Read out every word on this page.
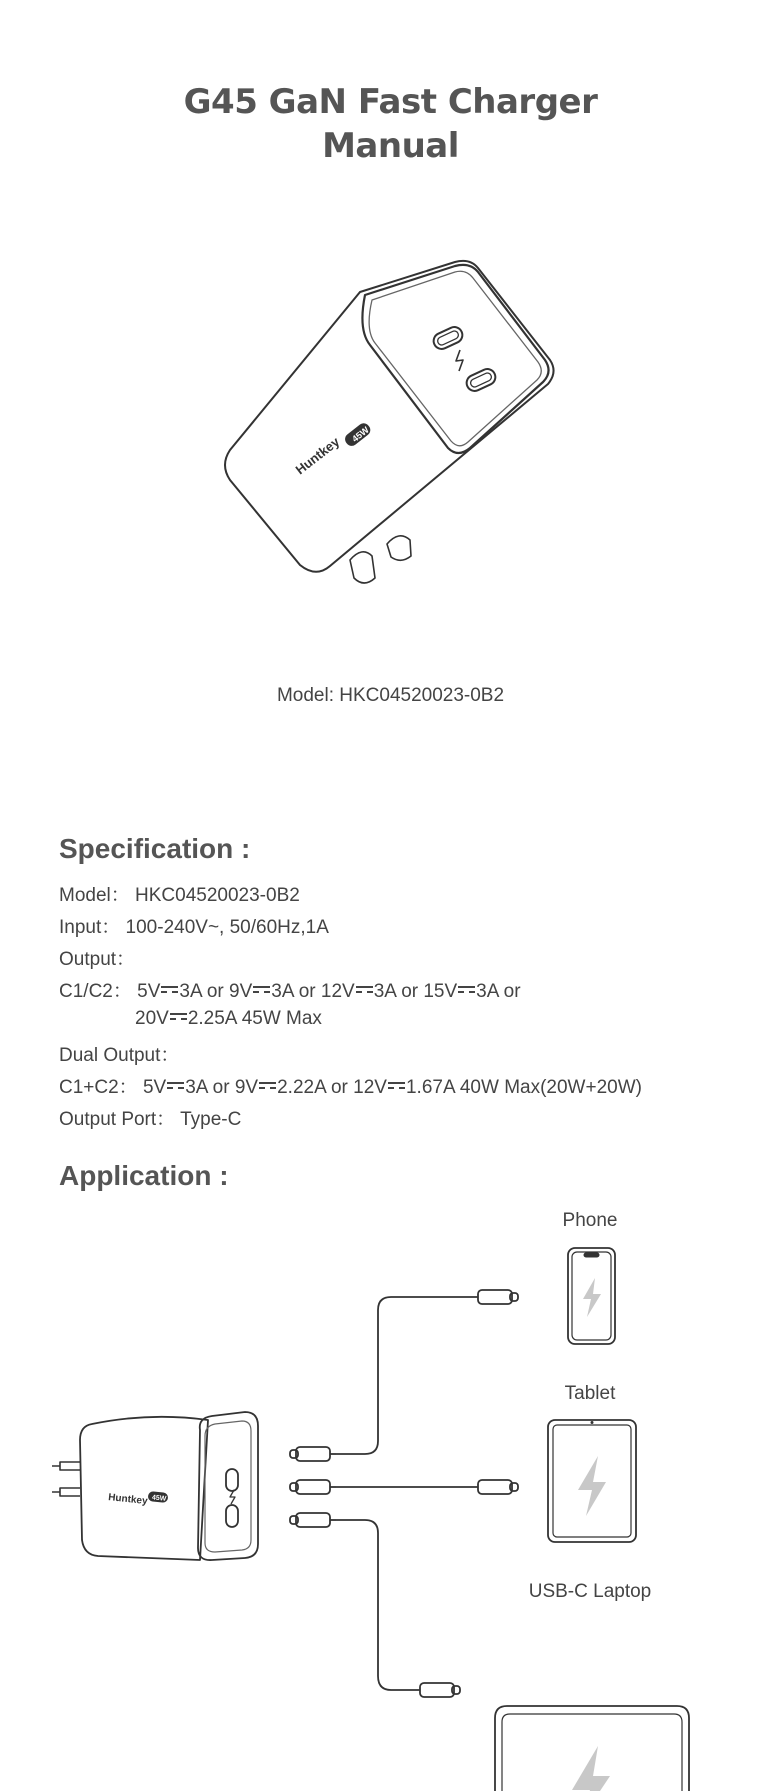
G45 GaN Fast Charger
Manual
Huntkey 45W
Model: HKC04520023-0B2
Specification :
Model： HKC04520023-0B2
Input： 100-240V~, 50/60Hz,1A
Output：
C1/C2： 5V 3A or 9V 3A or 12V 3A or 15V 3A or
20V 2.25A 45W Max
Dual Output：
C1+C2： 5V 3A or 9V 2.22A or 12V 1.67A 40W Max(20W+20W)
Output Port： Type-C
Application :
Phone
Tablet
USB-C Laptop
Huntkey 45W
